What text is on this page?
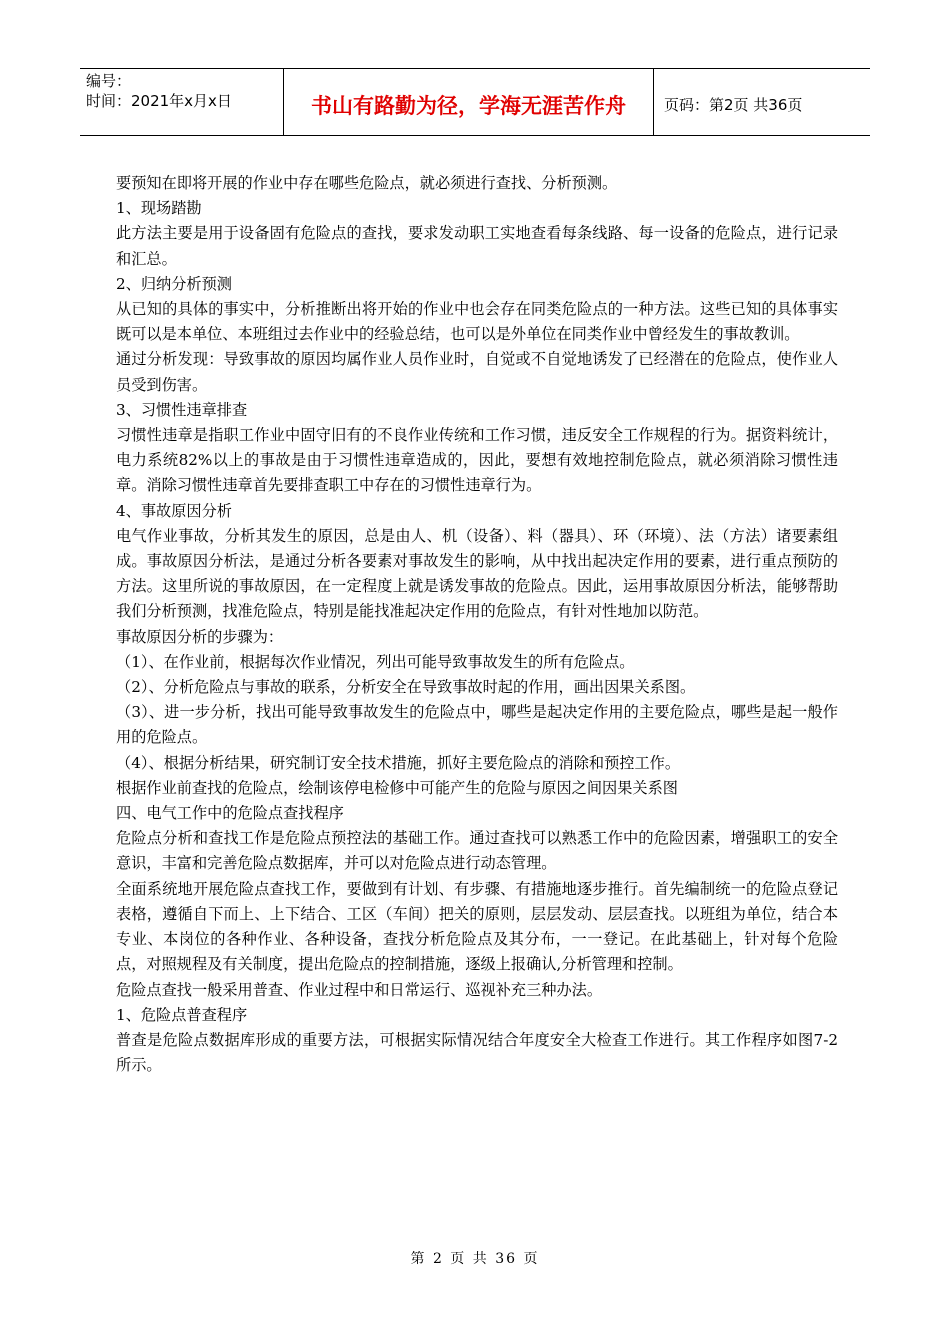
编号：
时间：2021年x月x日	书山有路勤为径，学海无涯苦作舟	页码：第2页 共36页

要预知在即将开展的作业中存在哪些危险点，就必须进行查找、分析预测。

1、现场踏勘

此方法主要是用于设备固有危险点的查找，要求发动职工实地查看每条线路、每一设备的危险点，进行记录和汇总。

2、归纳分析预测

从已知的具体的事实中，分析推断出将开始的作业中也会存在同类危险点的一种方法。这些已知的具体事实既可以是本单位、本班组过去作业中的经验总结，也可以是外单位在同类作业中曾经发生的事故教训。

通过分析发现：导致事故的原因均属作业人员作业时，自觉或不自觉地诱发了已经潜在的危险点，使作业人员受到伤害。

3、习惯性违章排查

习惯性违章是指职工作业中固守旧有的不良作业传统和工作习惯，违反安全工作规程的行为。据资料统计，电力系统82%以上的事故是由于习惯性违章造成的，因此，要想有效地控制危险点，就必须消除习惯性违章。消除习惯性违章首先要排查职工中存在的习惯性违章行为。

4、事故原因分析

电气作业事故，分析其发生的原因，总是由人、机（设备）、料（器具）、环（环境）、法（方法）诸要素组成。事故原因分析法，是通过分析各要素对事故发生的影响，从中找出起决定作用的要素，进行重点预防的方法。这里所说的事故原因，在一定程度上就是诱发事故的危险点。因此，运用事故原因分析法，能够帮助我们分析预测，找准危险点，特别是能找准起决定作用的危险点，有针对性地加以防范。

事故原因分析的步骤为：

（1）、在作业前，根据每次作业情况，列出可能导致事故发生的所有危险点。

（2）、分析危险点与事故的联系，分析安全在导致事故时起的作用，画出因果关系图。

（3）、进一步分析，找出可能导致事故发生的危险点中，哪些是起决定作用的主要危险点，哪些是起一般作用的危险点。

（4）、根据分析结果，研究制订安全技术措施，抓好主要危险点的消除和预控工作。

根据作业前查找的危险点，绘制该停电检修中可能产生的危险与原因之间因果关系图

四、电气工作中的危险点查找程序

危险点分析和查找工作是危险点预控法的基础工作。通过查找可以熟悉工作中的危险因素，增强职工的安全意识，丰富和完善危险点数据库，并可以对危险点进行动态管理。

全面系统地开展危险点查找工作，要做到有计划、有步骤、有措施地逐步推行。首先编制统一的危险点登记表格，遵循自下而上、上下结合、工区（车间）把关的原则，层层发动、层层查找。以班组为单位，结合本专业、本岗位的各种作业、各种设备，查找分析危险点及其分布，一一登记。在此基础上，针对每个危险点，对照规程及有关制度，提出危险点的控制措施，逐级上报确认,分析管理和控制。

危险点查找一般采用普查、作业过程中和日常运行、巡视补充三种办法。

1、危险点普查程序

普查是危险点数据库形成的重要方法，可根据实际情况结合年度安全大检查工作进行。其工作程序如图7-2所示。

第 2 页 共 36 页
